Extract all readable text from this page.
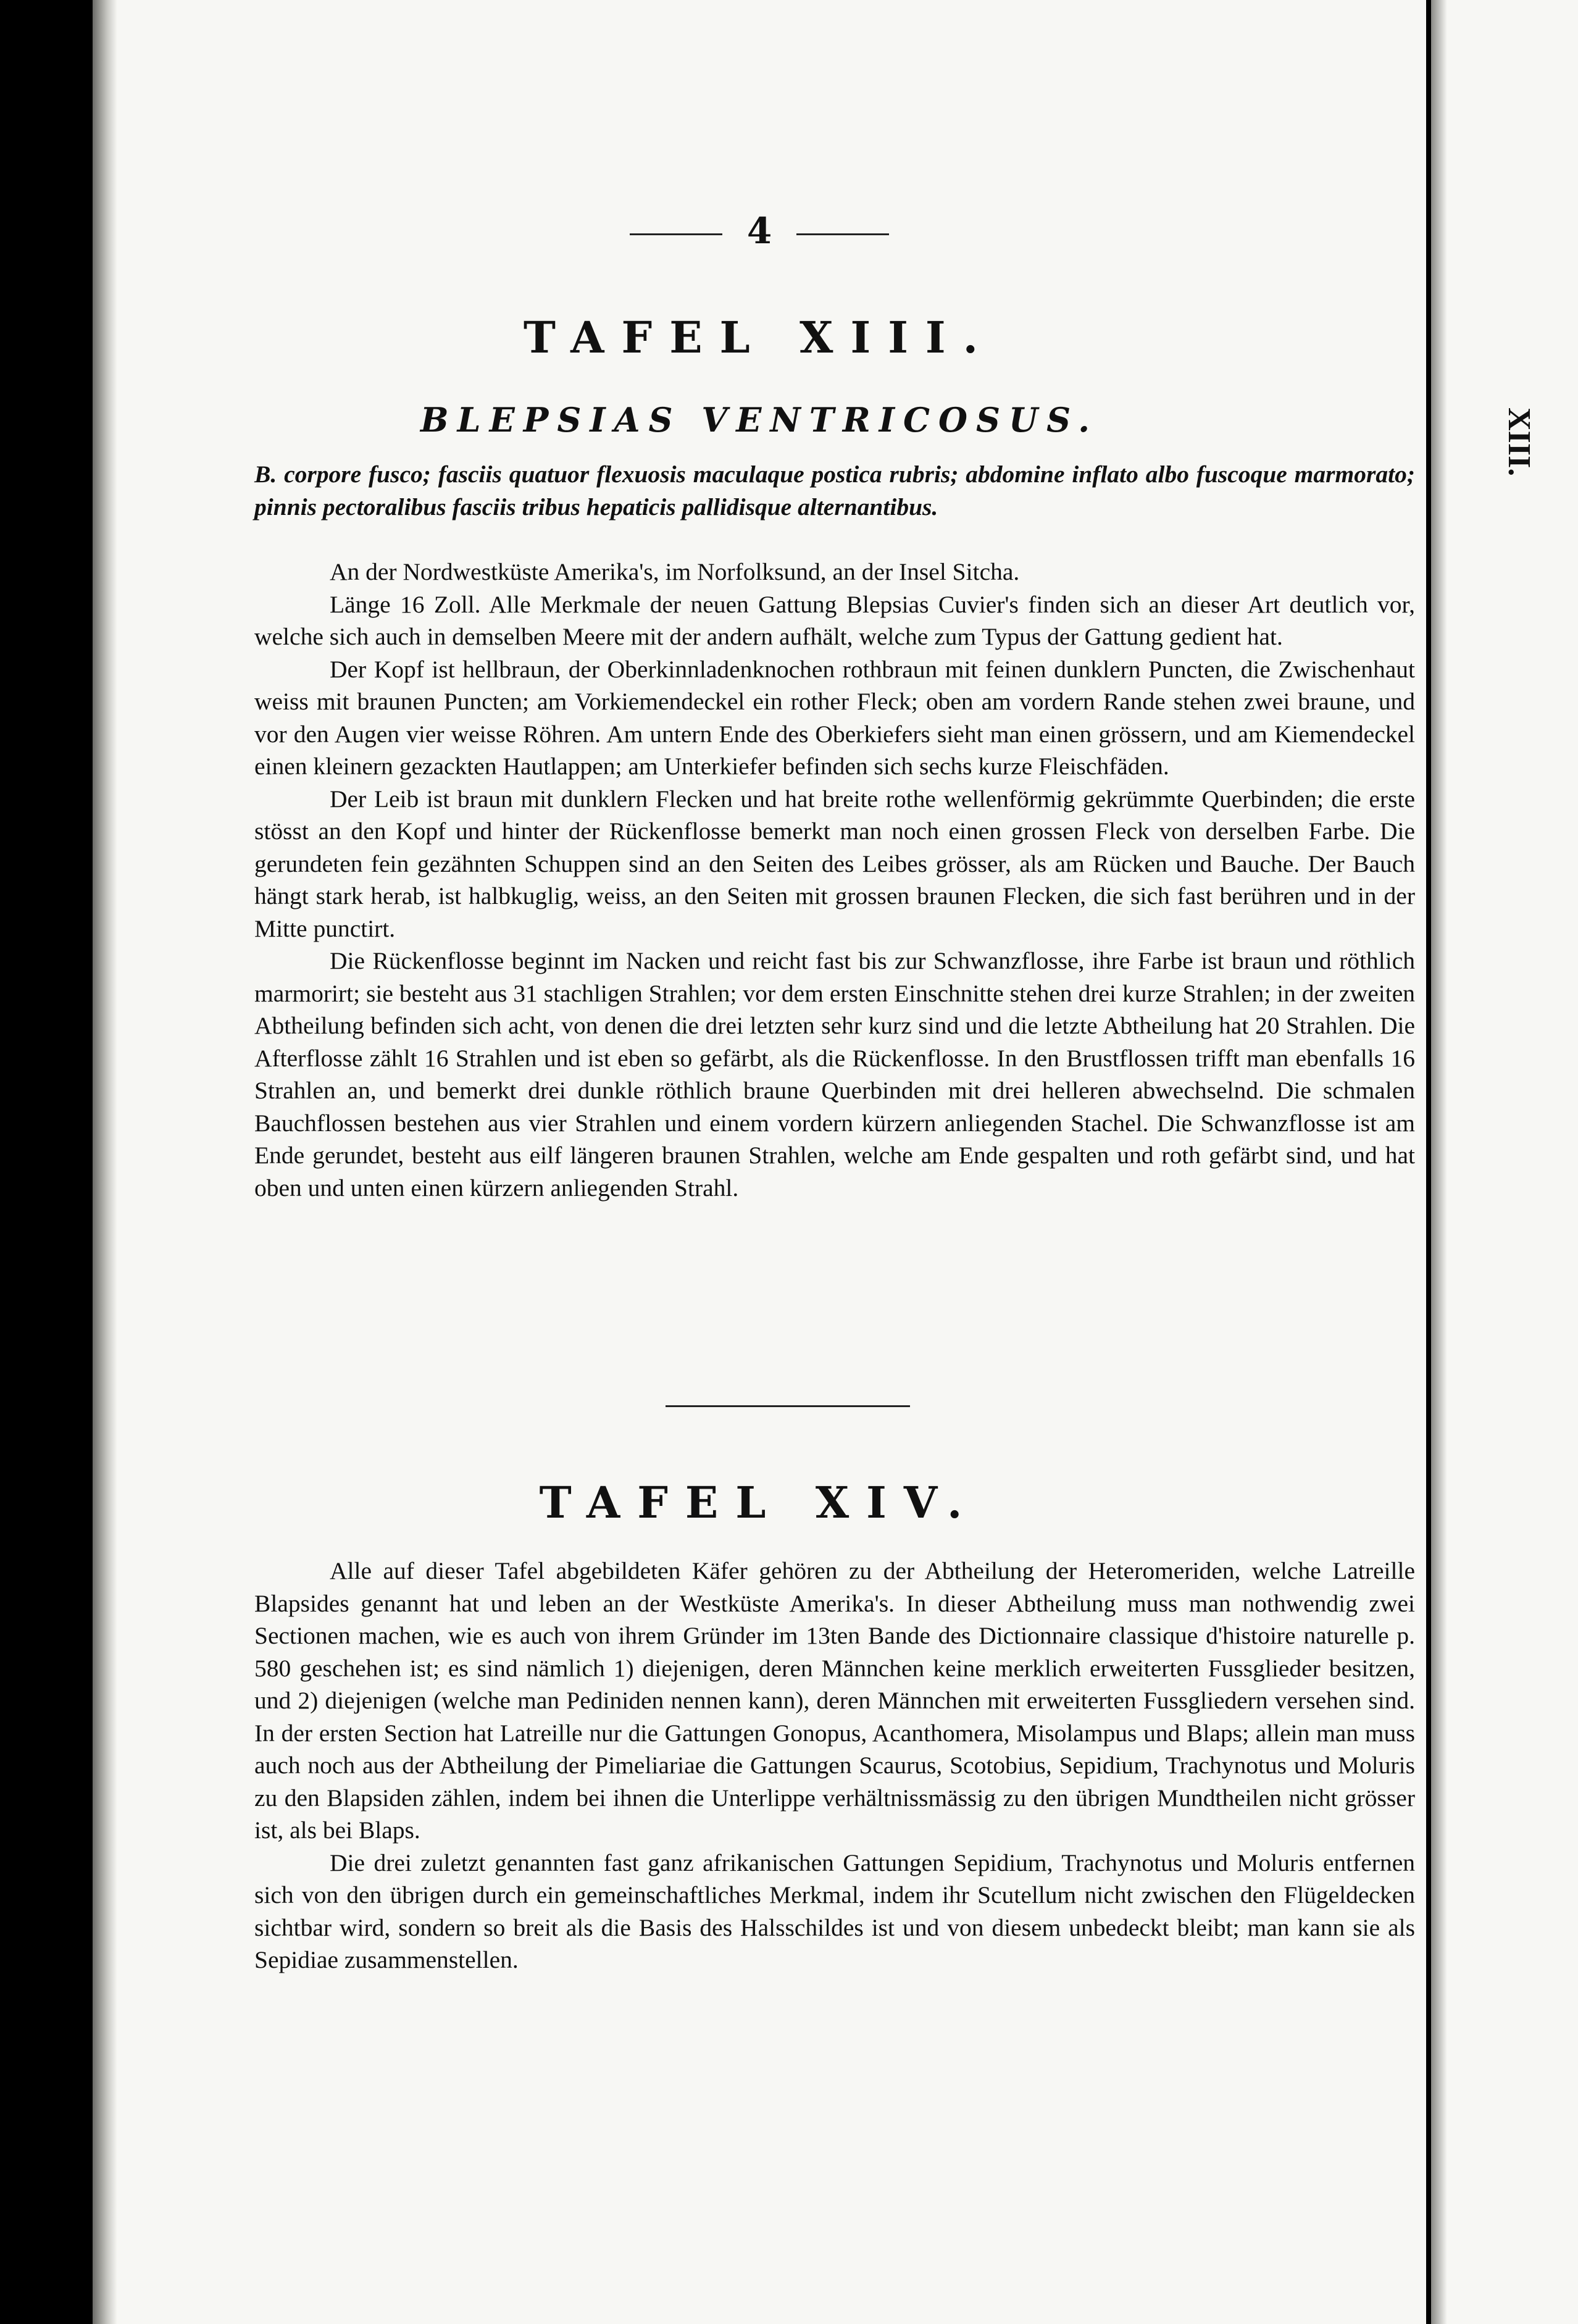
4
TAFEL XIII.
BLEPSIAS VENTRICOSUS.

B. corpore fusco; fasciis quatuor flexuosis maculaque postica rubris; abdomine inflato albo fuscoque marmorato; pinnis pectoralibus fasciis tribus hepaticis pallidisque alternantibus.

An der Nordwestküste Amerika's, im Norfolksund, an der Insel Sitcha.

Länge 16 Zoll. Alle Merkmale der neuen Gattung Blepsias Cuvier's finden sich an dieser Art deutlich vor, welche sich auch in demselben Meere mit der andern aufhält, welche zum Typus der Gattung gedient hat.

Der Kopf ist hellbraun, der Oberkinnladenknochen rothbraun mit feinen dunklern Puncten, die Zwischenhaut weiss mit braunen Puncten; am Vorkiemendeckel ein rother Fleck; oben am vordern Rande stehen zwei braune, und vor den Augen vier weisse Röhren. Am untern Ende des Oberkiefers sieht man einen grössern, und am Kiemendeckel einen kleinern gezackten Hautlappen; am Unterkiefer befinden sich sechs kurze Fleischfäden.

Der Leib ist braun mit dunklern Flecken und hat breite rothe wellenförmig gekrümmte Querbinden; die erste stösst an den Kopf und hinter der Rückenflosse bemerkt man noch einen grossen Fleck von derselben Farbe. Die gerundeten fein gezähnten Schuppen sind an den Seiten des Leibes grösser, als am Rücken und Bauche. Der Bauch hängt stark herab, ist halbkuglig, weiss, an den Seiten mit grossen braunen Flecken, die sich fast berühren und in der Mitte punctirt.

Die Rückenflosse beginnt im Nacken und reicht fast bis zur Schwanzflosse, ihre Farbe ist braun und röthlich marmorirt; sie besteht aus 31 stachligen Strahlen; vor dem ersten Einschnitte stehen drei kurze Strahlen; in der zweiten Abtheilung befinden sich acht, von denen die drei letzten sehr kurz sind und die letzte Abtheilung hat 20 Strahlen. Die Afterflosse zählt 16 Strahlen und ist eben so gefärbt, als die Rückenflosse. In den Brustflossen trifft man ebenfalls 16 Strahlen an, und bemerkt drei dunkle röthlich braune Querbinden mit drei helleren abwechselnd. Die schmalen Bauchflossen bestehen aus vier Strahlen und einem vordern kürzern anliegenden Stachel. Die Schwanzflosse ist am Ende gerundet, besteht aus eilf längeren braunen Strahlen, welche am Ende gespalten und roth gefärbt sind, und hat oben und unten einen kürzern anliegenden Strahl.

TAFEL XIV.

Alle auf dieser Tafel abgebildeten Käfer gehören zu der Abtheilung der Heteromeriden, welche Latreille Blapsides genannt hat und leben an der Westküste Amerika's. In dieser Abtheilung muss man nothwendig zwei Sectionen machen, wie es auch von ihrem Gründer im 13ten Bande des Dictionnaire classique d'histoire naturelle p. 580 geschehen ist; es sind nämlich 1) diejenigen, deren Männchen keine merklich erweiterten Fussglieder besitzen, und 2) diejenigen (welche man Pediniden nennen kann), deren Männchen mit erweiterten Fussgliedern versehen sind. In der ersten Section hat Latreille nur die Gattungen Gonopus, Acanthomera, Misolampus und Blaps; allein man muss auch noch aus der Abtheilung der Pimeliariae die Gattungen Scaurus, Scotobius, Sepidium, Trachynotus und Moluris zu den Blapsiden zählen, indem bei ihnen die Unterlippe verhältnissmässig zu den übrigen Mundtheilen nicht grösser ist, als bei Blaps.

Die drei zuletzt genannten fast ganz afrikanischen Gattungen Sepidium, Trachynotus und Moluris entfernen sich von den übrigen durch ein gemeinschaftliches Merkmal, indem ihr Scutellum nicht zwischen den Flügeldecken sichtbar wird, sondern so breit als die Basis des Halsschildes ist und von diesem unbedeckt bleibt; man kann sie als Sepidiae zusammenstellen.

XIII.
